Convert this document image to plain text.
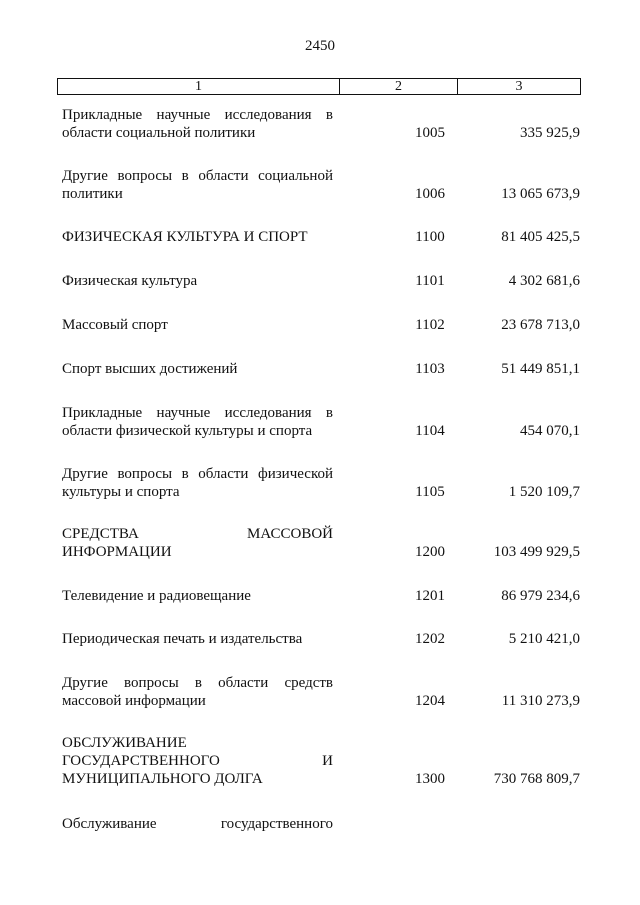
2450
1	2	3
Прикладные научные исследования в
области социальной политики	1005	335 925,9
Другие вопросы в области социальной
политики	1006	13 065 673,9
ФИЗИЧЕСКАЯ КУЛЬТУРА И СПОРТ	1100	81 405 425,5
Физическая культура	1101	4 302 681,6
Массовый спорт	1102	23 678 713,0
Спорт высших достижений	1103	51 449 851,1
Прикладные научные исследования в
области физической культуры и спорта	1104	454 070,1
Другие вопросы в области физической
культуры и спорта	1105	1 520 109,7
СРЕДСТВА МАССОВОЙ
ИНФОРМАЦИИ	1200	103 499 929,5
Телевидение и радиовещание	1201	86 979 234,6
Периодическая печать и издательства	1202	5 210 421,0
Другие вопросы в области средств
массовой информации	1204	11 310 273,9
ОБСЛУЖИВАНИЕ
ГОСУДАРСТВЕННОГО И
МУНИЦИПАЛЬНОГО ДОЛГА	1300	730 768 809,7
Обслуживание государственного
